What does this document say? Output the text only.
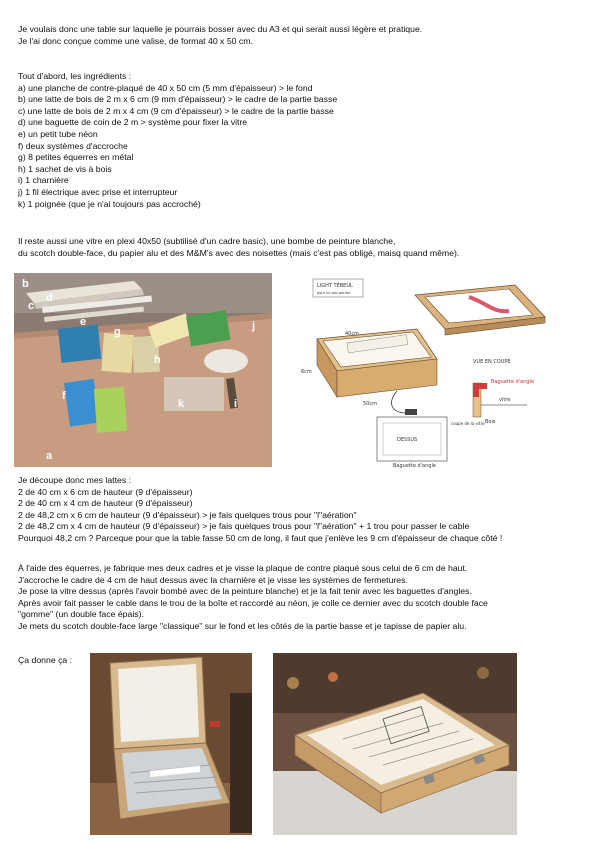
Je voulais donc une table sur laquelle je pourrais bosser avec du A3 et qui serait aussi légère et pratique.

Je l'ai donc conçue comme une valise, de format 40 x 50 cm.

Tout d'abord, les ingrédients :

a) une planche de contre-plaqué de 40 x 50 cm (5 mm d'épaisseur) > le fond

b) une latte de bois de 2 m x 6 cm (9 mm d'épaisseur) > le cadre de la partie basse

c) une latte de bois de 2 m x 4 cm (9 cm d'épaisseur) > le cadre de la partie basse

d) une baguette de coin de 2 m > système pour fixer la vitre

e) un petit tube néon

f) deux systèmes d'accroche

g) 8 petites équerres en métal

h) 1 sachet de vis à bois

i) 1 charnière

j) 1 fil électrique avec prise et interrupteur

k) 1 poignée (que je n'ai toujours pas accroché)

Il reste aussi une vitre en plexi 40x50 (subtilisé d'un cadre basic), une bombe de peinture blanche,

du scotch double-face, du papier alu et des M&M's avec des noisettes (mais c'est pas obligé, maisq quand même).

b
c
d
e
g
h
f
k	i
j
a
LIGHT TÉBEUL
pour ne pas perdre
40cm
50cm
6cm
VUE EN COUPE
Baguette d'angle
vitre
Bois
DESSUS
coupe de la vitre
Baguette d'angle

Je découpe donc mes lattes :

2 de 40 cm x 6 cm de hauteur (9 d'épaisseur)

2 de 40 cm x 4 cm de hauteur (9 d'épaisseur)

2 de 48,2 cm x 6 cm de hauteur (9 d'épaisseur) > je fais quelques trous pour "l"aération"

2 de 48,2 cm x 4 cm de hauteur (9 d'épaisseur) > je fais quelques trous pour "l"aération" + 1 trou pour passer le cable

Pourquoi 48,2 cm ? Parceque pour que la table fasse 50 cm de long, il faut que j'enlève les 9 cm d'épaisseur de chaque côté !

À l'aide des équerres, je fabrique mes deux cadres et je visse la plaque de contre plaqué sous celui de 6 cm de haut.

J'accroche le cadre de 4 cm de haut dessus avec la charnière et je visse les systèmes de fermetures.

Je pose la vitre dessus (après l'avoir bombé avec de la peinture blanche) et je la fait tenir avec les baguettes d'angles.

Après avoir fait passer le cable dans le trou de la boîte et raccordé au néon, je colle ce dernier avec du scotch double face

"gomme" (un double face épais).

Je mets du scotch double-face large "classique" sur le fond et les côtés de la partie basse et je tapisse de papier alu.

Ça donne ça :
